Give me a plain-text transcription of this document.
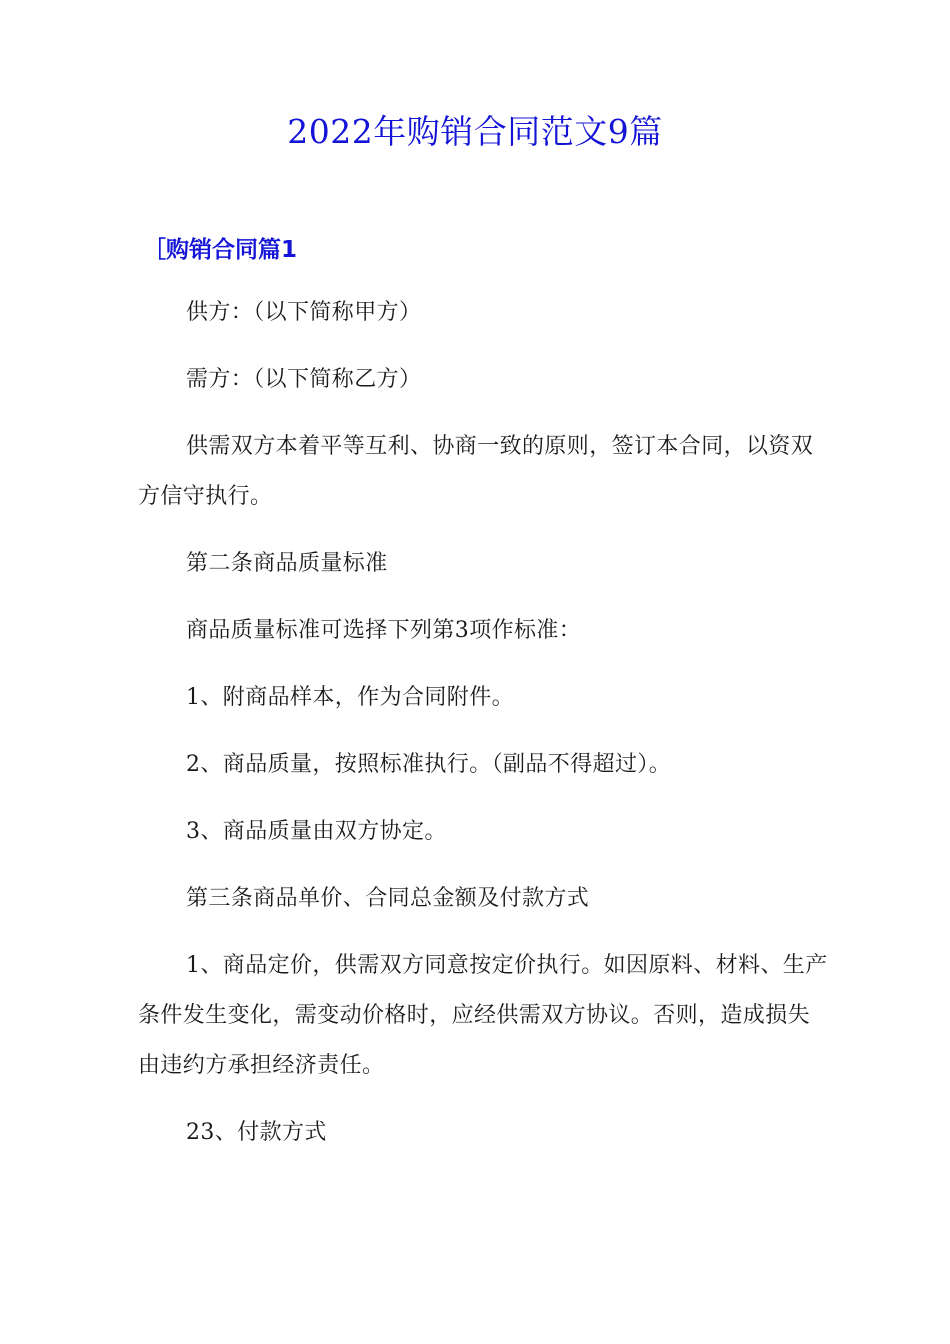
2022年购销合同范文9篇
［购销合同篇1

供方：（以下简称甲方）

需方：（以下简称乙方）

供需双方本着平等互利、协商一致的原则，签订本合同，以资双方信守执行。

第二条商品质量标准

商品质量标准可选择下列第3项作标准：

1、附商品样本，作为合同附件。

2、商品质量，按照标准执行。（副品不得超过）。

3、商品质量由双方协定。

第三条商品单价、合同总金额及付款方式

1、商品定价，供需双方同意按定价执行。如因原料、材料、生产条件发生变化，需变动价格时，应经供需双方协议。否则，造成损失由违约方承担经济责任。

23、付款方式
